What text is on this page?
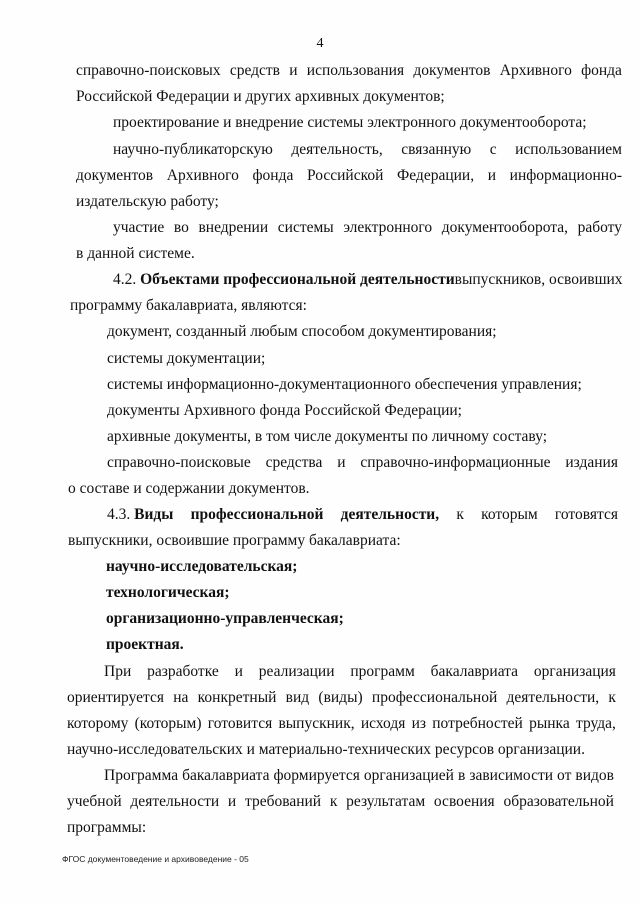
4
справочно-поисковых средств и использования документов Архивного фонда
Российской Федерации и других архивных документов;
проектирование и внедрение системы электронного документооборота;
научно-публикаторскую деятельность, связанную с использованием
документов Архивного фонда Российской Федерации, и информационно-
издательскую работу;
участие во внедрении системы электронного документооборота, работу
в данной системе.
4.2. Объектами профессиональной деятельности выпускников, освоивших
программу бакалавриата, являются:
документ, созданный любым способом документирования;
системы документации;
системы информационно-документационного обеспечения управления;
документы Архивного фонда Российской Федерации;
архивные документы, в том числе документы по личному составу;
справочно-поисковые средства и справочно-информационные издания
о составе и содержании документов.
4.3. Виды профессиональной деятельности, к которым готовятся
выпускники, освоившие программу бакалавриата:
научно-исследовательская;
технологическая;
организационно-управленческая;
проектная.
При разработке и реализации программ бакалавриата организация
ориентируется на конкретный вид (виды) профессиональной деятельности, к
которому (которым) готовится выпускник, исходя из потребностей рынка труда,
научно-исследовательских и материально-технических ресурсов организации.
Программа бакалавриата формируется организацией в зависимости от видов
учебной деятельности и требований к результатам освоения образовательной
программы:
ФГОС документоведение и архивоведение - 05
